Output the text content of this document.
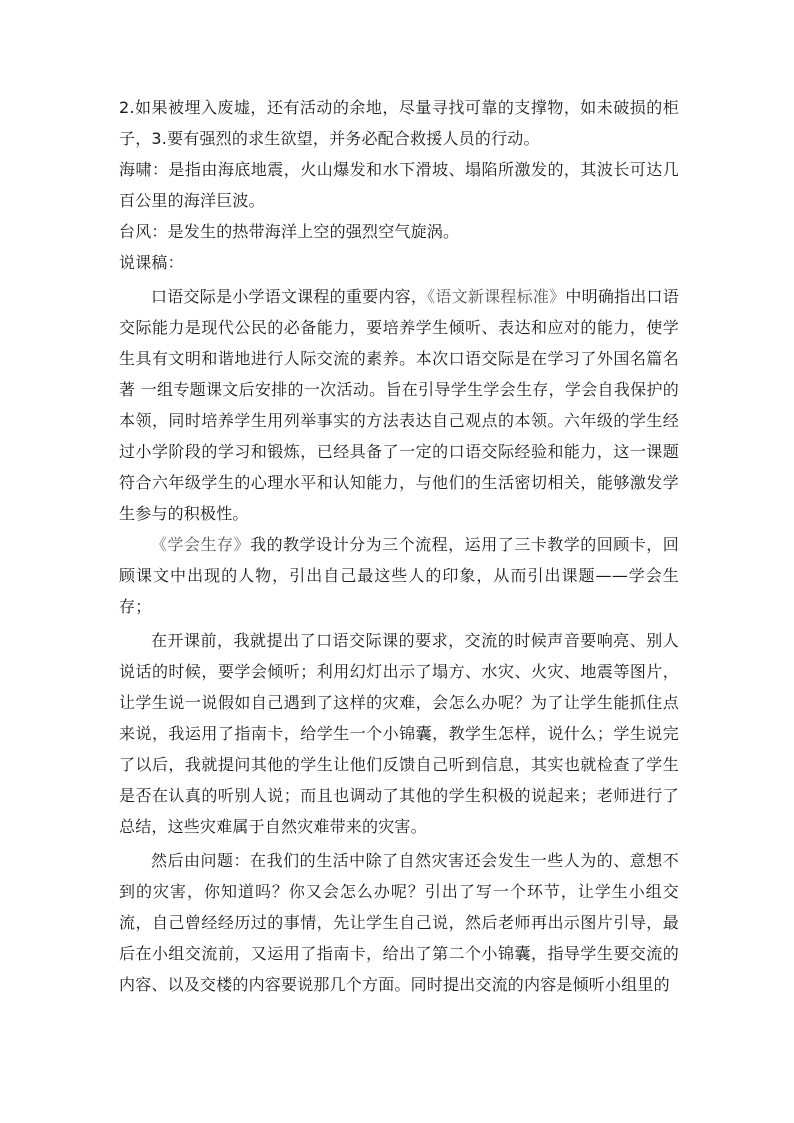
2.如果被埋入废墟，还有活动的余地，尽量寻找可靠的支撑物，如未破损的柜子，3.要有强烈的求生欲望，并务必配合救援人员的行动。

海啸：是指由海底地震，火山爆发和水下滑坡、塌陷所激发的，其波长可达几百公里的海洋巨波。

台风：是发生的热带海洋上空的强烈空气旋涡。

说课稿：

口语交际是小学语文课程的重要内容，《语文新课程标准》中明确指出口语交际能力是现代公民的必备能力，要培养学生倾听、表达和应对的能力，使学生具有文明和谐地进行人际交流的素养。本次口语交际是在学习了外国名篇名著 一组专题课文后安排的一次活动。旨在引导学生学会生存，学会自我保护的本领，同时培养学生用列举事实的方法表达自己观点的本领。六年级的学生经过小学阶段的学习和锻炼，已经具备了一定的口语交际经验和能力，这一课题符合六年级学生的心理水平和认知能力，与他们的生活密切相关，能够激发学生参与的积极性。

《学会生存》我的教学设计分为三个流程，运用了三卡教学的回顾卡，回顾课文中出现的人物，引出自己最这些人的印象，从而引出课题——学会生存；

在开课前，我就提出了口语交际课的要求，交流的时候声音要响亮、别人说话的时候，要学会倾听；利用幻灯出示了塌方、水灾、火灾、地震等图片，让学生说一说假如自己遇到了这样的灾难，会怎么办呢？为了让学生能抓住点来说，我运用了指南卡，给学生一个小锦囊，教学生怎样，说什么；学生说完了以后，我就提问其他的学生让他们反馈自己听到信息，其实也就检查了学生是否在认真的听别人说；而且也调动了其他的学生积极的说起来；老师进行了总结，这些灾难属于自然灾难带来的灾害。

然后由问题：在我们的生活中除了自然灾害还会发生一些人为的、意想不到的灾害，你知道吗？你又会怎么办呢？引出了写一个环节，让学生小组交流，自己曾经经历过的事情，先让学生自己说，然后老师再出示图片引导，最后在小组交流前，又运用了指南卡，给出了第二个小锦囊，指导学生要交流的内容、以及交楼的内容要说那几个方面。同时提出交流的内容是倾听小组里的
